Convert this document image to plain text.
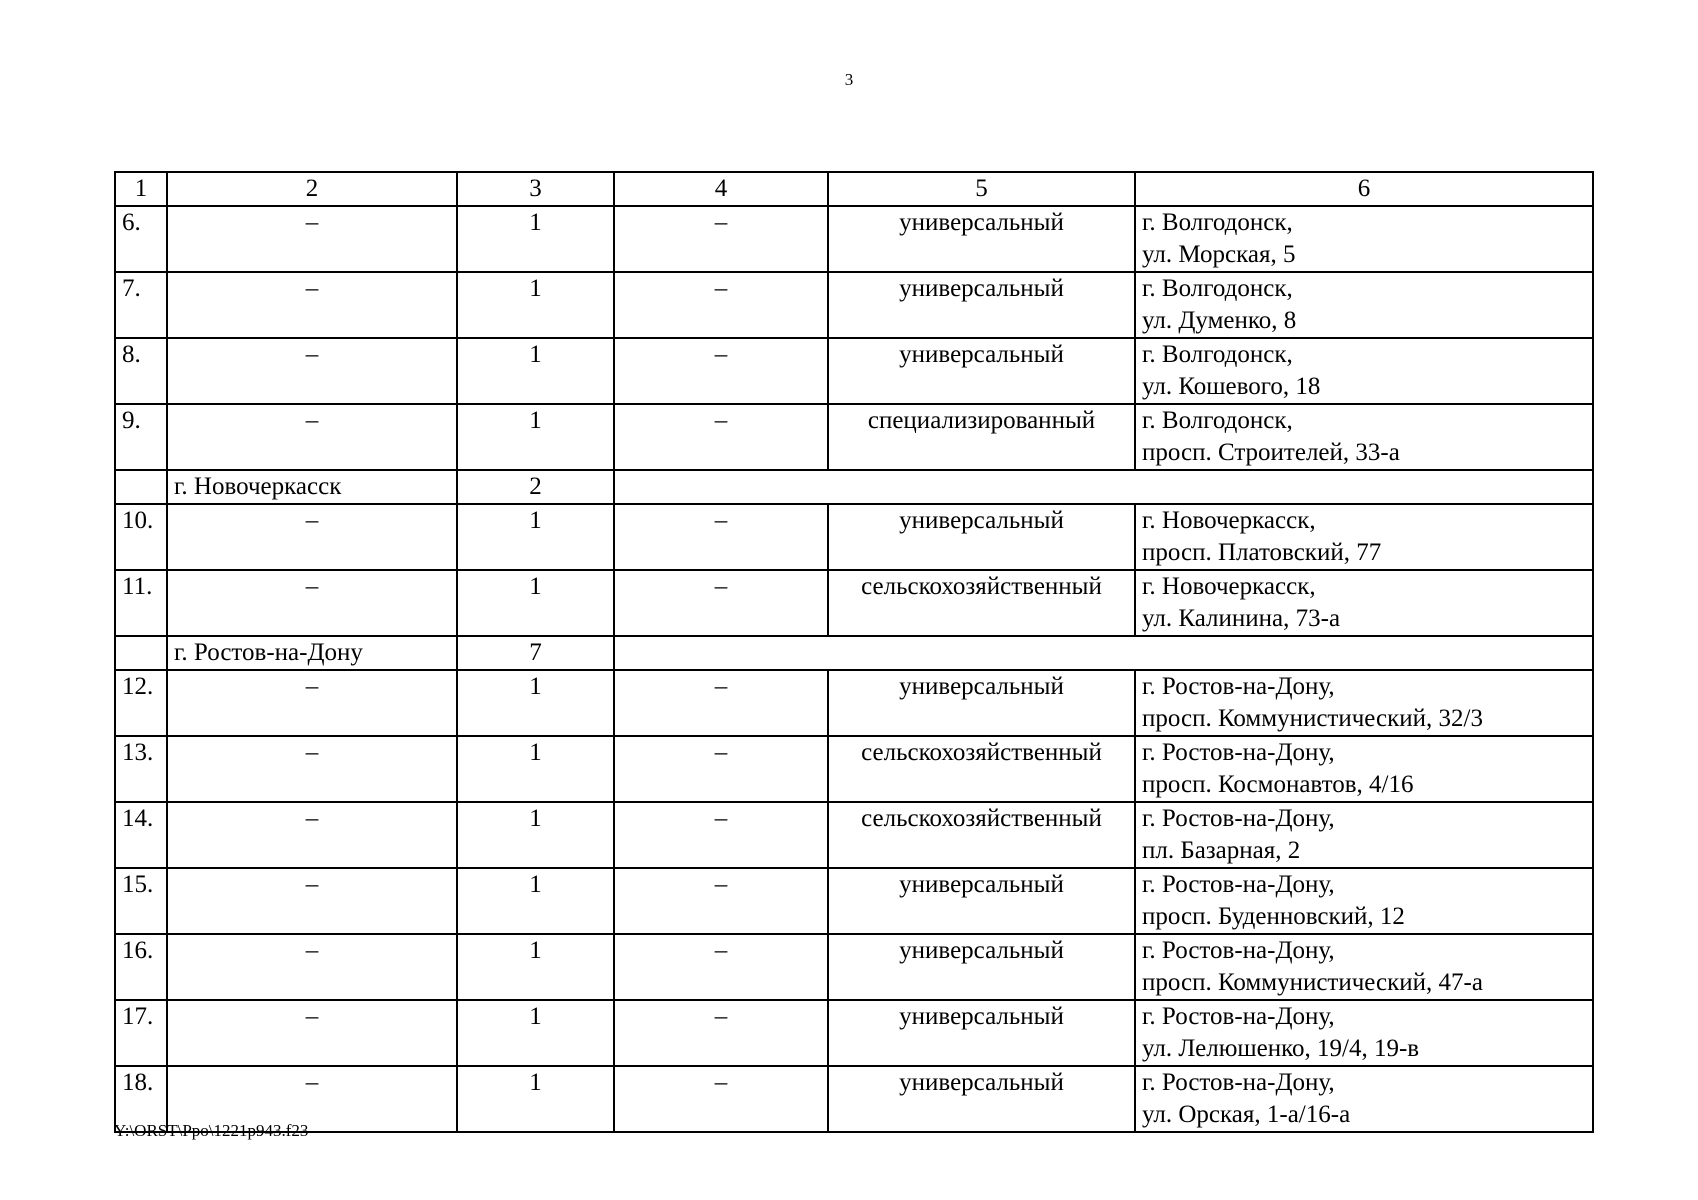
3
1	2	3	4	5	6
6.	–	1	–	универсальный	г. Волгодонск,
ул. Морская, 5

7.	–	1	–	универсальный	г. Волгодонск,
ул. Думенко, 8

8.	–	1	–	универсальный	г. Волгодонск,
ул. Кошевого, 18

9.	–	1	–	специализированный	г. Волгодонск,
просп. Строителей, 33-а

	г. Новочеркасск	2			
10.	–	1	–	универсальный	г. Новочеркасск,
просп. Платовский, 77

11.	–	1	–	сельскохозяйственный	г. Новочеркасск,
ул. Калинина, 73-а

	г. Ростов-на-Дону	7			
12.	–	1	–	универсальный	г. Ростов-на-Дону,
просп. Коммунистический, 32/3

13.	–	1	–	сельскохозяйственный	г. Ростов-на-Дону,
просп. Космонавтов, 4/16

14.	–	1	–	сельскохозяйственный	г. Ростов-на-Дону,
пл. Базарная, 2

15.	–	1	–	универсальный	г. Ростов-на-Дону,
просп. Буденновский, 12

16.	–	1	–	универсальный	г. Ростов-на-Дону,
просп. Коммунистический, 47-а

17.	–	1	–	универсальный	г. Ростов-на-Дону,
ул. Лелюшенко, 19/4, 19-в

18.	–	1	–	универсальный	г. Ростов-на-Дону,
ул. Орская, 1-а/16-а
Y:\ORST\Ppo\1221p943.f23
